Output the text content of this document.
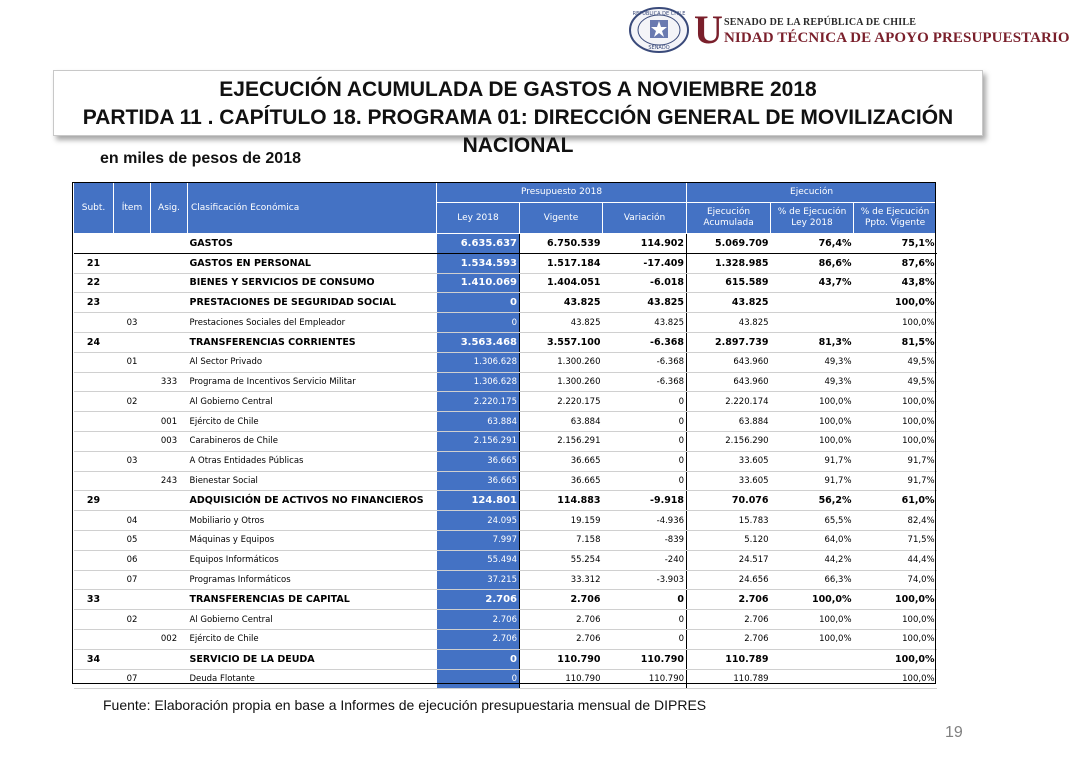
REPÚBLICA DE CHILE
SENADO U SENADO DE LA REPÚBLICA DE CHILE
NIDAD TÉCNICA DE APOYO PRESUPUESTARIO
EJECUCIÓN ACUMULADA DE GASTOS A NOVIEMBRE 2018
PARTIDA 11 . CAPÍTULO 18. PROGRAMA 01: DIRECCIÓN GENERAL DE MOVILIZACIÓN NACIONAL
en miles de pesos de 2018
Subt.	Ítem	Asig.	Clasificación Económica	Presupuesto 2018			Ejecución		
				Ley 2018	Vigente	Variación	Ejecución Acumulada	% de Ejecución Ley 2018	% de Ejecución Ppto. Vigente
			GASTOS	6.635.637	6.750.539	114.902	5.069.709	76,4%	75,1%
21			GASTOS EN PERSONAL	1.534.593	1.517.184	-17.409	1.328.985	86,6%	87,6%
22			BIENES Y SERVICIOS DE CONSUMO	1.410.069	1.404.051	-6.018	615.589	43,7%	43,8%
23			PRESTACIONES DE SEGURIDAD SOCIAL	0	43.825	43.825	43.825		100,0%
	03		Prestaciones Sociales del Empleador	0	43.825	43.825	43.825		100,0%
24			TRANSFERENCIAS CORRIENTES	3.563.468	3.557.100	-6.368	2.897.739	81,3%	81,5%
	01		Al Sector Privado	1.306.628	1.300.260	-6.368	643.960	49,3%	49,5%
		333	Programa de Incentivos Servicio Militar	1.306.628	1.300.260	-6.368	643.960	49,3%	49,5%
	02		Al Gobierno Central	2.220.175	2.220.175	0	2.220.174	100,0%	100,0%
		001	Ejército de Chile	63.884	63.884	0	63.884	100,0%	100,0%
		003	Carabineros de Chile	2.156.291	2.156.291	0	2.156.290	100,0%	100,0%
	03		A Otras Entidades Públicas	36.665	36.665	0	33.605	91,7%	91,7%
		243	Bienestar Social	36.665	36.665	0	33.605	91,7%	91,7%
29			ADQUISICIÓN DE ACTIVOS NO FINANCIEROS	124.801	114.883	-9.918	70.076	56,2%	61,0%
	04		Mobiliario y Otros	24.095	19.159	-4.936	15.783	65,5%	82,4%
	05		Máquinas y Equipos	7.997	7.158	-839	5.120	64,0%	71,5%
	06		Equipos Informáticos	55.494	55.254	-240	24.517	44,2%	44,4%
	07		Programas Informáticos	37.215	33.312	-3.903	24.656	66,3%	74,0%
33			TRANSFERENCIAS DE CAPITAL	2.706	2.706	0	2.706	100,0%	100,0%
	02		Al Gobierno Central	2.706	2.706	0	2.706	100,0%	100,0%
		002	Ejército de Chile	2.706	2.706	0	2.706	100,0%	100,0%
34			SERVICIO DE LA DEUDA	0	110.790	110.790	110.789		100,0%
	07		Deuda Flotante	0	110.790	110.790	110.789		100,0%
Fuente: Elaboración propia en base a Informes de ejecución presupuestaria mensual de DIPRES
19
